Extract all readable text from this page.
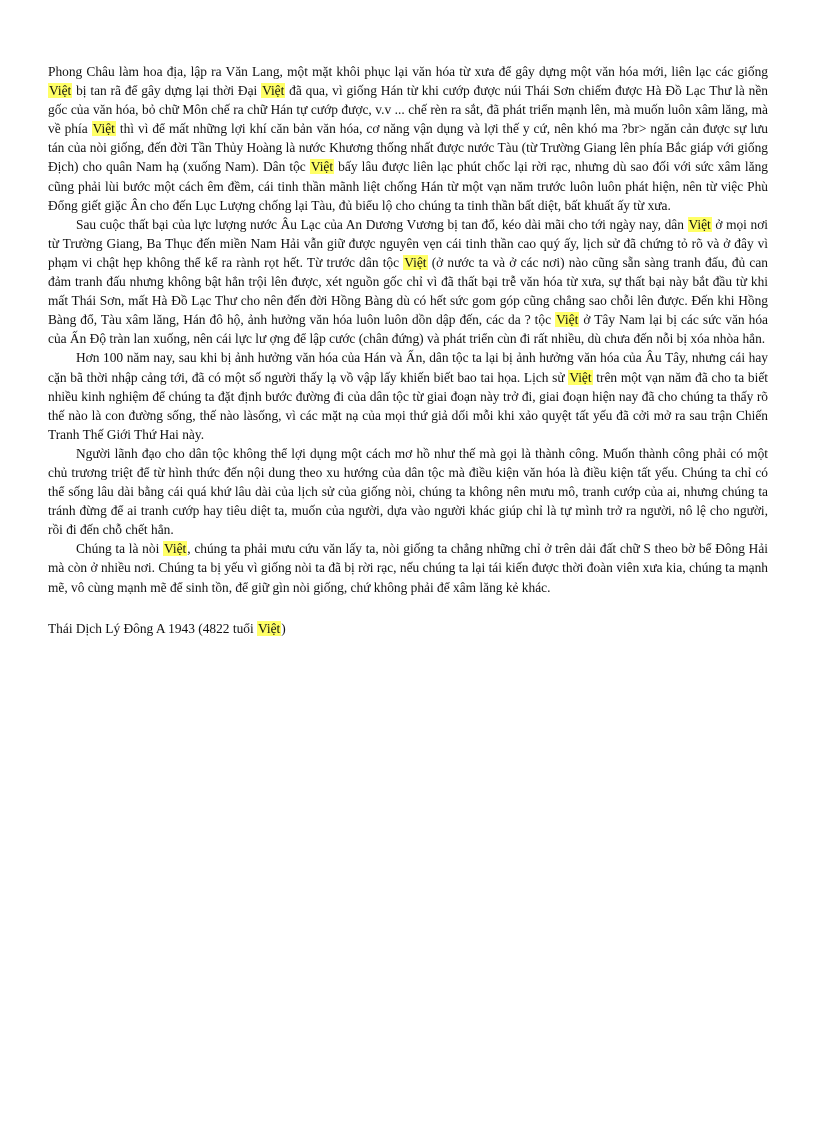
Phong Châu làm hoa địa, lập ra Văn Lang, một mặt khôi phục lại văn hóa từ xưa để gây dựng một văn hóa mới, liên lạc các giống Việt bị tan rã để gây dựng lại thời Đại Việt đã qua, vì giống Hán từ khi cướp được núi Thái Sơn chiếm được Hà Đồ Lạc Thư là nền gốc của văn hóa, bỏ chữ Môn chế ra chữ Hán tự cướp được, v.v ... chế rèn ra sắt, đã phát triển mạnh lên, mà muốn luôn xâm lăng, mà về phía Việt thì vì để mất những lợi khí căn bản văn hóa, cơ năng vận dụng và lợi thế y cứ, nên khó ma ?br> ngăn cản được sự lưu tán của nòi giống, đến đời Tần Thủy Hoàng là nước Khương thống nhất được nước Tàu (từ Trường Giang lên phía Bắc giáp với giống Địch) cho quân Nam hạ (xuống Nam). Dân tộc Việt bấy lâu được liên lạc phút chốc lại rời rạc, nhưng dù sao đối với sức xâm lăng cũng phải lùi bước một cách êm đềm, cái tinh thần mãnh liệt chống Hán từ một vạn năm trước luôn luôn phát hiện, nên từ việc Phù Đổng giết giặc Ân cho đến Lục Lượng chống lại Tàu, đủ biểu lộ cho chúng ta tinh thần bất diệt, bất khuất ấy từ xưa.

Sau cuộc thất bại của lực lượng nước Âu Lạc của An Dương Vương bị tan đổ, kéo dài mãi cho tới ngày nay, dân Việt ở mọi nơi từ Trường Giang, Ba Thục đến miền Nam Hải vẫn giữ được nguyên vẹn cái tinh thần cao quý ấy, lịch sử đã chứng tỏ rõ và ở đây vì phạm vi chật hẹp không thể kể ra rành rọt hết. Từ trước dân tộc Việt (ở nước ta và ở các nơi) nào cũng sẵn sàng tranh đấu, đủ can đảm tranh đấu nhưng không bật hẳn trội lên được, xét nguồn gốc chỉ vì đã thất bại trễ văn hóa từ xưa, sự thất bại này bắt đầu từ khi mất Thái Sơn, mất Hà Đồ Lạc Thư cho nên đến đời Hồng Bàng dù có hết sức gom góp cũng chẳng sao chỗi lên được. Đến khi Hồng Bàng đổ, Tàu xâm lăng, Hán đô hộ, ảnh hưởng văn hóa luôn luôn dồn dập đến, các da ? tộc Việt ở Tây Nam lại bị các sức văn hóa của Ấn Độ tràn lan xuống, nên cái lực lư ợng để lập cước (chân đứng) và phát triển cùn đi rất nhiều, dù chưa đến nỗi bị xóa nhòa hẳn.

Hơn 100 năm nay, sau khi bị ảnh hưởng văn hóa của Hán và Ấn, dân tộc ta lại bị ảnh hưởng văn hóa của Âu Tây, nhưng cái hay cặn bã thời nhập cảng tới, đã có một số người thấy lạ vồ vập lấy khiến biết bao tai họa. Lịch sử Việt trên một vạn năm đã cho ta biết nhiều kinh nghiệm để chúng ta đặt định bước đường đi của dân tộc từ giai đoạn này trở đi, giai đoạn hiện nay đã cho chúng ta thấy rõ thế nào là con đường sống, thế nào làsống, vì các mặt nạ của mọi thứ giả dối mỗi khi xảo quyệt tất yếu đã cởi mở ra sau trận Chiến Tranh Thế Giới Thứ Hai này.

Người lãnh đạo cho dân tộc không thể lợi dụng một cách mơ hồ như thế mà gọi là thành công. Muốn thành công phải có một chủ trương triệt để từ hình thức đến nội dung theo xu hướng của dân tộc mà điều kiện văn hóa là điều kiện tất yếu. Chúng ta chỉ có thể sống lâu dài bằng cái quá khứ lâu dài của lịch sử của giống nòi, chúng ta không nên mưu mô, tranh cướp của ai, nhưng chúng ta tránh đừng để ai tranh cướp hay tiêu diệt ta, muốn của người, dựa vào người khác giúp chỉ là tự mình trở ra người, nô lệ cho người, rồi đi đến chỗ chết hẳn.

Chúng ta là nòi Việt, chúng ta phải mưu cứu văn lấy ta, nòi giống ta chẳng những chỉ ở trên dải đất chữ S theo bờ bể Đông Hải mà còn ở nhiều nơi. Chúng ta bị yếu vì giống nòi ta đã bị rời rạc, nếu chúng ta lại tái kiến được thời đoàn viên xưa kia, chúng ta mạnh mẽ, vô cùng mạnh mẽ để sinh tồn, để giữ gìn nòi giống, chứ không phải để xâm lăng kẻ khác.

Thái Dịch Lý Đông A 1943 (4822 tuổi Việt)
